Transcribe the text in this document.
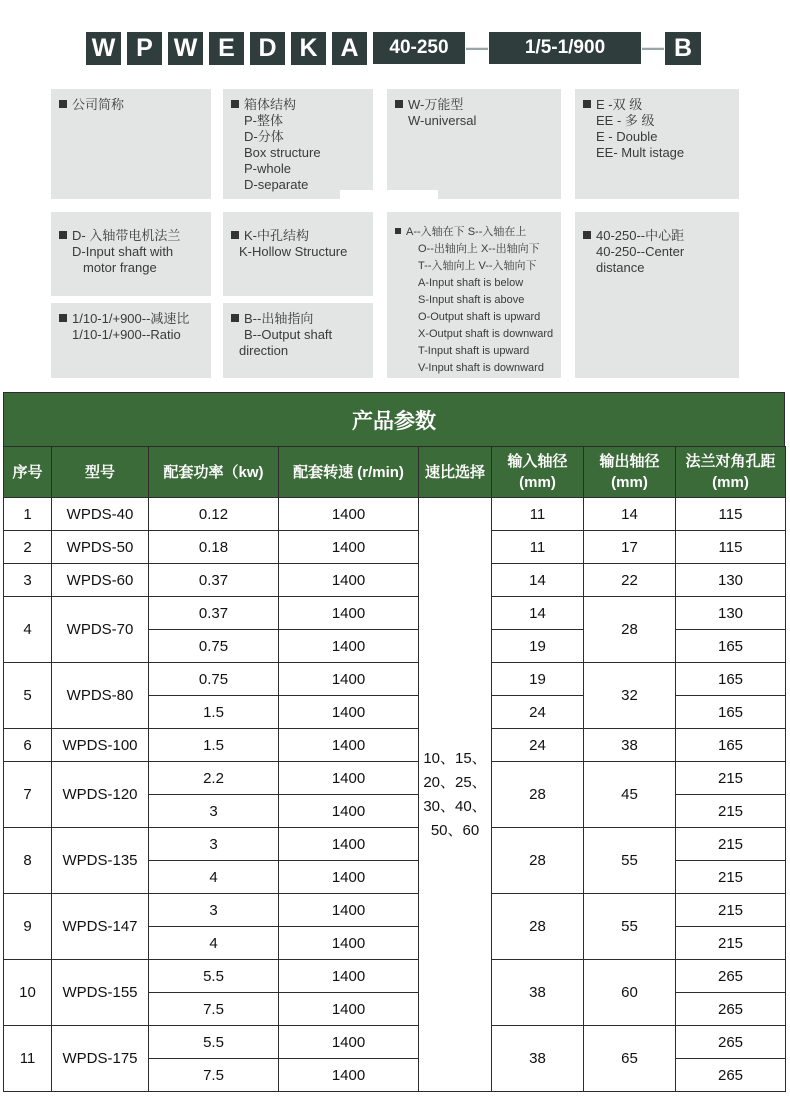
W P W E D K A	40-250 —	1/5-1/900	— B
公司简称	箱体结构
P-整体
D-分体
Box structure
P-whole
D-separate
W-万能型
W-universal
E -双 级
EE - 多 级
E - Double
EE- Mult istage
D- 入轴带电机法兰
D-Input shaft with
motor frange
K-中孔结构
K-Hollow Structure
A--入轴在下 S--入轴在上
O--出轴向上 X--出轴向下
T--入轴向上 V--入轴向下
A-Input shaft is below
S-Input shaft is above
O-Output shaft is upward
X-Output shaft is downward
T-Input shaft is upward
V-Input shaft is downward
40-250--中心距
40-250--Center
distance
1/10-1/+900--减速比
1/10-1/+900--Ratio
B--出轴指向
B--Output shaft
direction
产品参数
序号	型号	配套功率（kw)	配套转速 (r/min)	速比选择	输入轴径
(mm)	输出轴径
(mm)	法兰对角孔距
(mm)
1	WPDS-40	0.12	1400	10、15、
20、25、
30、40、
50、60	11	14	115
2	WPDS-50	0.18	1400		11	17	115
3	WPDS-60	0.37	1400		14	22	130
4	WPDS-70	0.37	1400		14	28	130
		0.75	1400		19		165
5	WPDS-80	0.75	1400		19	32	165
		1.5	1400		24		165
6	WPDS-100	1.5	1400		24	38	165
7	WPDS-120	2.2	1400		28	45	215
		3	1400				215
8	WPDS-135	3	1400		28	55	215
		4	1400				215
9	WPDS-147	3	1400		28	55	215
		4	1400				215
10	WPDS-155	5.5	1400		38	60	265
		7.5	1400				265
11	WPDS-175	5.5	1400		38	65	265
		7.5	1400				265
